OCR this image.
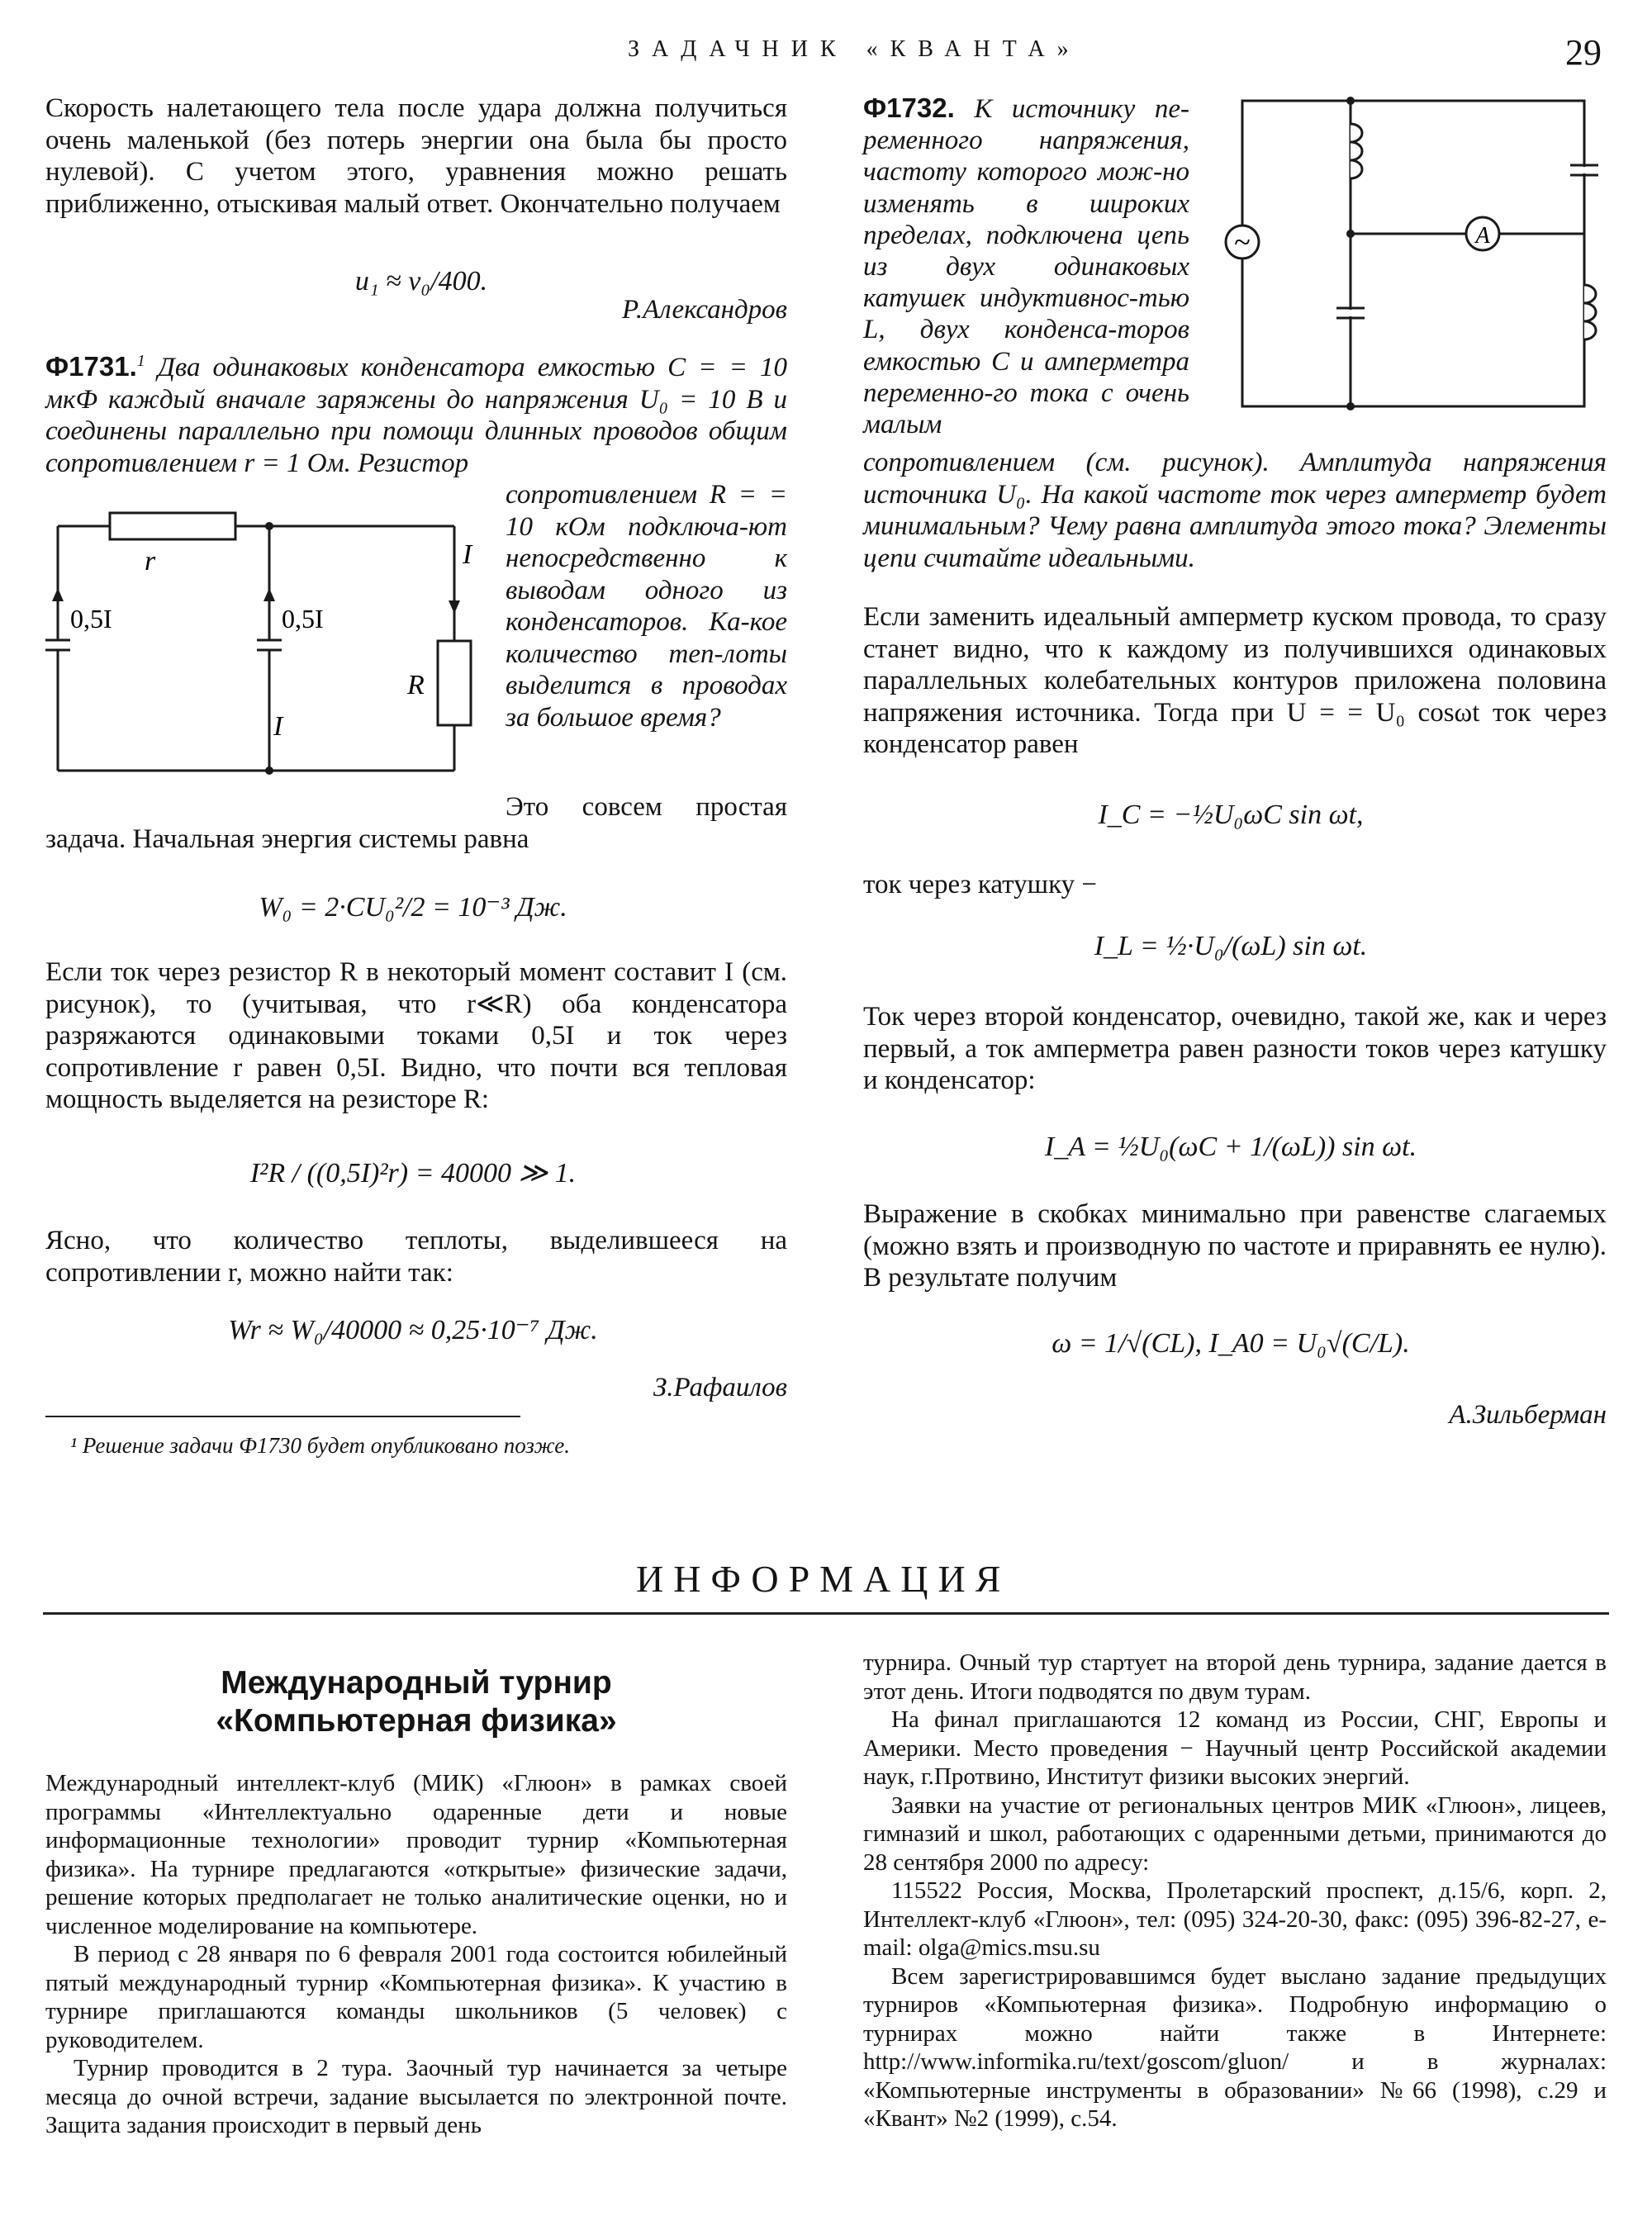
ЗАДАЧНИК «КВАНТА»	29

Скорость налетающего тела после удара должна получиться очень маленькой (без потерь энергии она была бы просто нулевой). С учетом этого, уравнения можно решать приближенно, отыскивая малый ответ. Окончательно получаем

u₁ ≈ v₀/400.
Р.Александров
Ф1731.$^1$ Два одинаковых конденсатора емкостью C = = 10 мкФ каждый вначале заряжены до напряжения U₀ = 10 В и соединены параллельно при помощи длинных проводов общим сопротивлением r = 1 Ом. Резистор
сопротивлением R = = 10 кОм подключа-ют непосредственно к выводам одного из конденсаторов. Ка-кое количество теп-лоты выделится в проводах за большое время?
r
0,5I	0,5I
I
R
I
Это совсем простая
задача. Начальная энергия системы равна
W₀ = 2·CU₀²/2 = 10⁻³ Дж.
Если ток через резистор R в некоторый момент составит I (см. рисунок), то (учитывая, что r≪R) оба конденсатора разряжаются одинаковыми токами 0,5I и ток через сопротивление r равен 0,5I. Видно, что почти вся тепловая мощность выделяется на резисторе R:
I²R / ((0,5I)²r) = 40000 ≫ 1.
Ясно, что количество теплоты, выделившееся на сопротивлении r, можно найти так:
Wr ≈ W₀/40000 ≈ 0,25·10⁻⁷ Дж.
З.Рафаилов
¹ Решение задачи Ф1730 будет опубликовано позже.
Ф1732. К источнику пе-ременного напряжения, частоту которого мож-но изменять в широких пределах, подключена цепь из двух одинаковых катушек индуктивнос-тью L, двух конденса-торов емкостью C и амперметра переменно-го тока с очень малым
~	A
сопротивлением (см. рисунок). Амплитуда напряжения источника U₀. На какой частоте ток через амперметр будет минимальным? Чему равна амплитуда этого тока? Элементы цепи считайте идеальными.
Если заменить идеальный амперметр куском провода, то сразу станет видно, что к каждому из получившихся одинаковых параллельных колебательных контуров приложена половина напряжения источника. Тогда при U = = U₀ cosωt ток через конденсатор равен
I_C = −½U₀ωC sin ωt,
ток через катушку −
I_L = ½·U₀/(ωL) sin ωt.
Ток через второй конденсатор, очевидно, такой же, как и через первый, а ток амперметра равен разности токов через катушку и конденсатор:
I_A = ½U₀(ωC + 1/(ωL)) sin ωt.
Выражение в скобках минимально при равенстве слагаемых (можно взять и производную по частоте и приравнять ее нулю). В результате получим
ω = 1/√(CL), I_A0 = U₀√(C/L).
А.Зильберман
ИНФОРМАЦИЯ
Международный турнир
«Компьютерная физика»

Международный интеллект-клуб (МИК) «Глюон» в рамках своей программы «Интеллектуально одаренные дети и новые информационные технологии» проводит турнир «Компьютерная физика». На турнире предлагаются «открытые» физические задачи, решение которых предполагает не только аналитические оценки, но и численное моделирование на компьютере.

В период с 28 января по 6 февраля 2001 года состоится юбилейный пятый международный турнир «Компьютерная физика». К участию в турнире приглашаются команды школьников (5 человек) с руководителем.

Турнир проводится в 2 тура. Заочный тур начинается за четыре месяца до очной встречи, задание высылается по электронной почте. Защита задания происходит в первый день

турнира. Очный тур стартует на второй день турнира, задание дается в этот день. Итоги подводятся по двум турам.

На финал приглашаются 12 команд из России, СНГ, Европы и Америки. Место проведения − Научный центр Российской академии наук, г.Протвино, Институт физики высоких энергий.

Заявки на участие от региональных центров МИК «Глюон», лицеев, гимназий и школ, работающих с одаренными детьми, принимаются до 28 сентября 2000 по адресу:

115522 Россия, Москва, Пролетарский проспект, д.15/6, корп. 2, Интеллект-клуб «Глюон», тел: (095) 324-20-30, факс: (095) 396-82-27, e-mail: olga@mics.msu.su

Всем зарегистрировавшимся будет выслано задание предыдущих турниров «Компьютерная физика». Подробную информацию о турнирах можно найти также в Интернете: http://www.informika.ru/text/goscom/gluon/ и в журналах: «Компьютерные инструменты в образовании» №66 (1998), с.29 и «Квант» №2 (1999), с.54.
